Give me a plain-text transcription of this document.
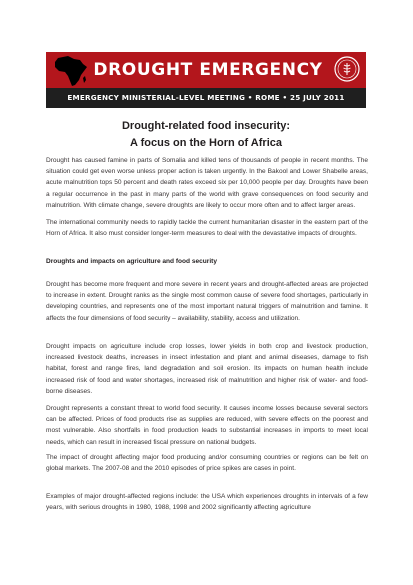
DROUGHT EMERGENCY
EMERGENCY MINISTERIAL-LEVEL MEETING • ROME • 25 JULY 2011
Drought-related food insecurity:
A focus on the Horn of Africa

Drought has caused famine in parts of Somalia and killed tens of thousands of people in recent months. The situation could get even worse unless proper action is taken urgently. In the Bakool and Lower Shabelle areas, acute malnutrition tops 50 percent and death rates exceed six per 10,000 people per day. Droughts have been a regular occurrence in the past in many parts of the world with grave consequences on food security and malnutrition. With climate change, severe droughts are likely to occur more often and to affect larger areas.

The international community needs to rapidly tackle the current humanitarian disaster in the eastern part of the Horn of Africa. It also must consider longer-term measures to deal with the devastative impacts of droughts.

Droughts and impacts on agriculture and food security

Drought has become more frequent and more severe in recent years and drought-affected areas are projected to increase in extent. Drought ranks as the single most common cause of severe food shortages, particularly in developing countries, and represents one of the most important natural triggers of malnutrition and famine. It affects the four dimensions of food security – availability, stability, access and utilization.

Drought impacts on agriculture include crop losses, lower yields in both crop and livestock production, increased livestock deaths, increases in insect infestation and plant and animal diseases, damage to fish habitat, forest and range fires, land degradation and soil erosion. Its impacts on human health include increased risk of food and water shortages, increased risk of malnutrition and higher risk of water- and food-borne diseases.

Drought represents a constant threat to world food security. It causes income losses because several sectors can be affected. Prices of food products rise as supplies are reduced, with severe effects on the poorest and most vulnerable. Also shortfalls in food production leads to substantial increases in imports to meet local needs, which can result in increased fiscal pressure on national budgets.

The impact of drought affecting major food producing and/or consuming countries or regions can be felt on global markets. The 2007-08 and the 2010 episodes of price spikes are cases in point.

Examples of major drought-affected regions include: the USA which experiences droughts in intervals of a few years, with serious droughts in 1980, 1988, 1998 and 2002 significantly affecting agriculture
